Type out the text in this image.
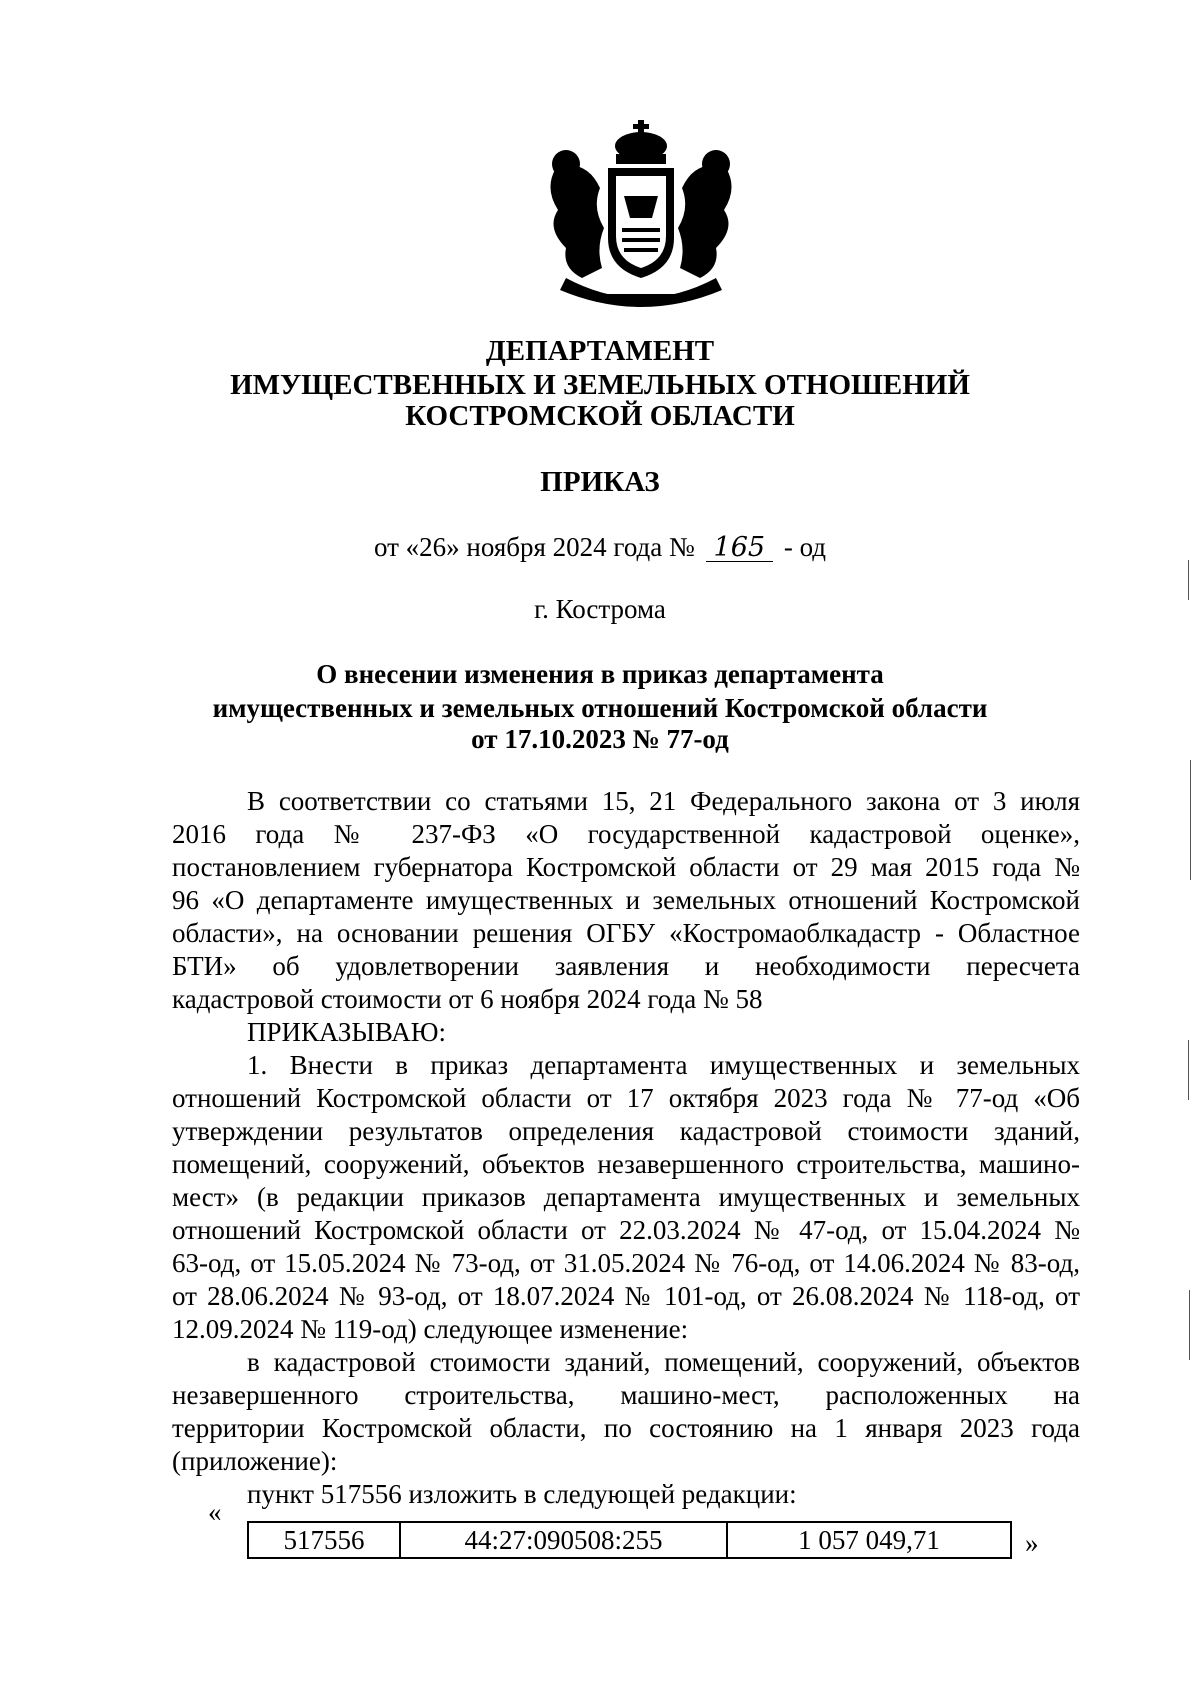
ДЕПАРТАМЕНТ
ИМУЩЕСТВЕННЫХ И ЗЕМЕЛЬНЫХ ОТНОШЕНИЙ
КОСТРОМСКОЙ ОБЛАСТИ
ПРИКАЗ
от «26» ноября 2024 года № 165 - од
г. Кострома
О внесении изменения в приказ департамента
имущественных и земельных отношений Костромской области
от 17.10.2023 № 77-од
В соответствии со статьями 15, 21 Федерального закона от 3 июля
2016 года № 237-ФЗ «О государственной кадастровой оценке»,
постановлением губернатора Костромской области от 29 мая 2015 года №
96 «О департаменте имущественных и земельных отношений Костромской
области», на основании решения ОГБУ «Костромаоблкадастр - Областное
БТИ» об удовлетворении заявления и необходимости пересчета
кадастровой стоимости от 6 ноября 2024 года № 58
ПРИКАЗЫВАЮ:
1. Внести в приказ департамента имущественных и земельных
отношений Костромской области от 17 октября 2023 года № 77-од «Об
утверждении результатов определения кадастровой стоимости зданий,
помещений, сооружений, объектов незавершенного строительства, машино-
мест» (в редакции приказов департамента имущественных и земельных
отношений Костромской области от 22.03.2024 № 47-од, от 15.04.2024 №
63-од, от 15.05.2024 № 73-од, от 31.05.2024 № 76-од, от 14.06.2024 № 83-од,
от 28.06.2024 № 93-од, от 18.07.2024 № 101-од, от 26.08.2024 № 118-од, от
12.09.2024 № 119-од) следующее изменение:
в кадастровой стоимости зданий, помещений, сооружений, объектов
незавершенного строительства, машино-мест, расположенных на
территории Костромской области, по состоянию на 1 января 2023 года
(приложение):
пункт 517556 изложить в следующей редакции:
«
517556	44:27:090508:255	1 057 049,71	»
